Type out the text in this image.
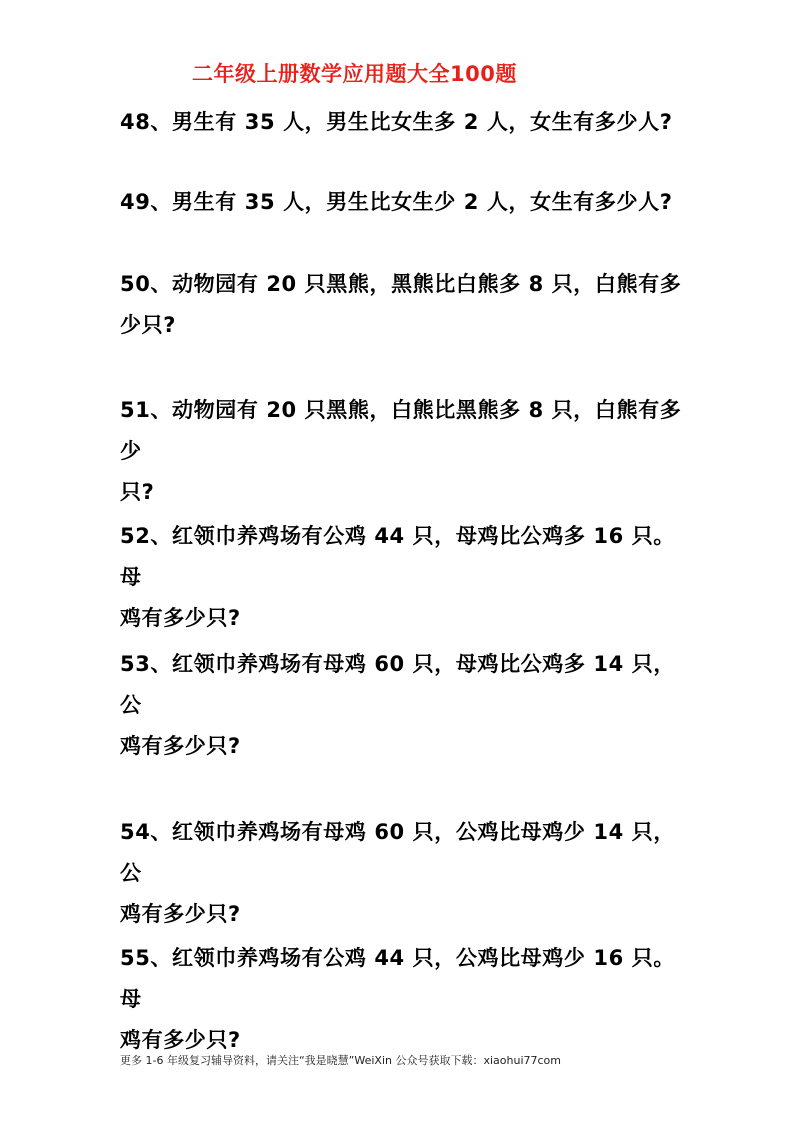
二年级上册数学应用题大全100题
48、男生有 35 人，男生比女生多 2 人，女生有多少人?
49、男生有 35 人，男生比女生少 2 人，女生有多少人?
50、动物园有 20 只黑熊，黑熊比白熊多 8 只，白熊有多
少只?
51、动物园有 20 只黑熊，白熊比黑熊多 8 只，白熊有多少
只?
52、红领巾养鸡场有公鸡 44 只，母鸡比公鸡多 16 只。母
鸡有多少只?
53、红领巾养鸡场有母鸡 60 只，母鸡比公鸡多 14 只，公
鸡有多少只?
54、红领巾养鸡场有母鸡 60 只，公鸡比母鸡少 14 只，公
鸡有多少只?
55、红领巾养鸡场有公鸡 44 只，公鸡比母鸡少 16 只。母
鸡有多少只?
更多 1-6 年级复习辅导资料，请关注“我是晓慧”WeiXin 公众号获取下载：xiaohui77com
